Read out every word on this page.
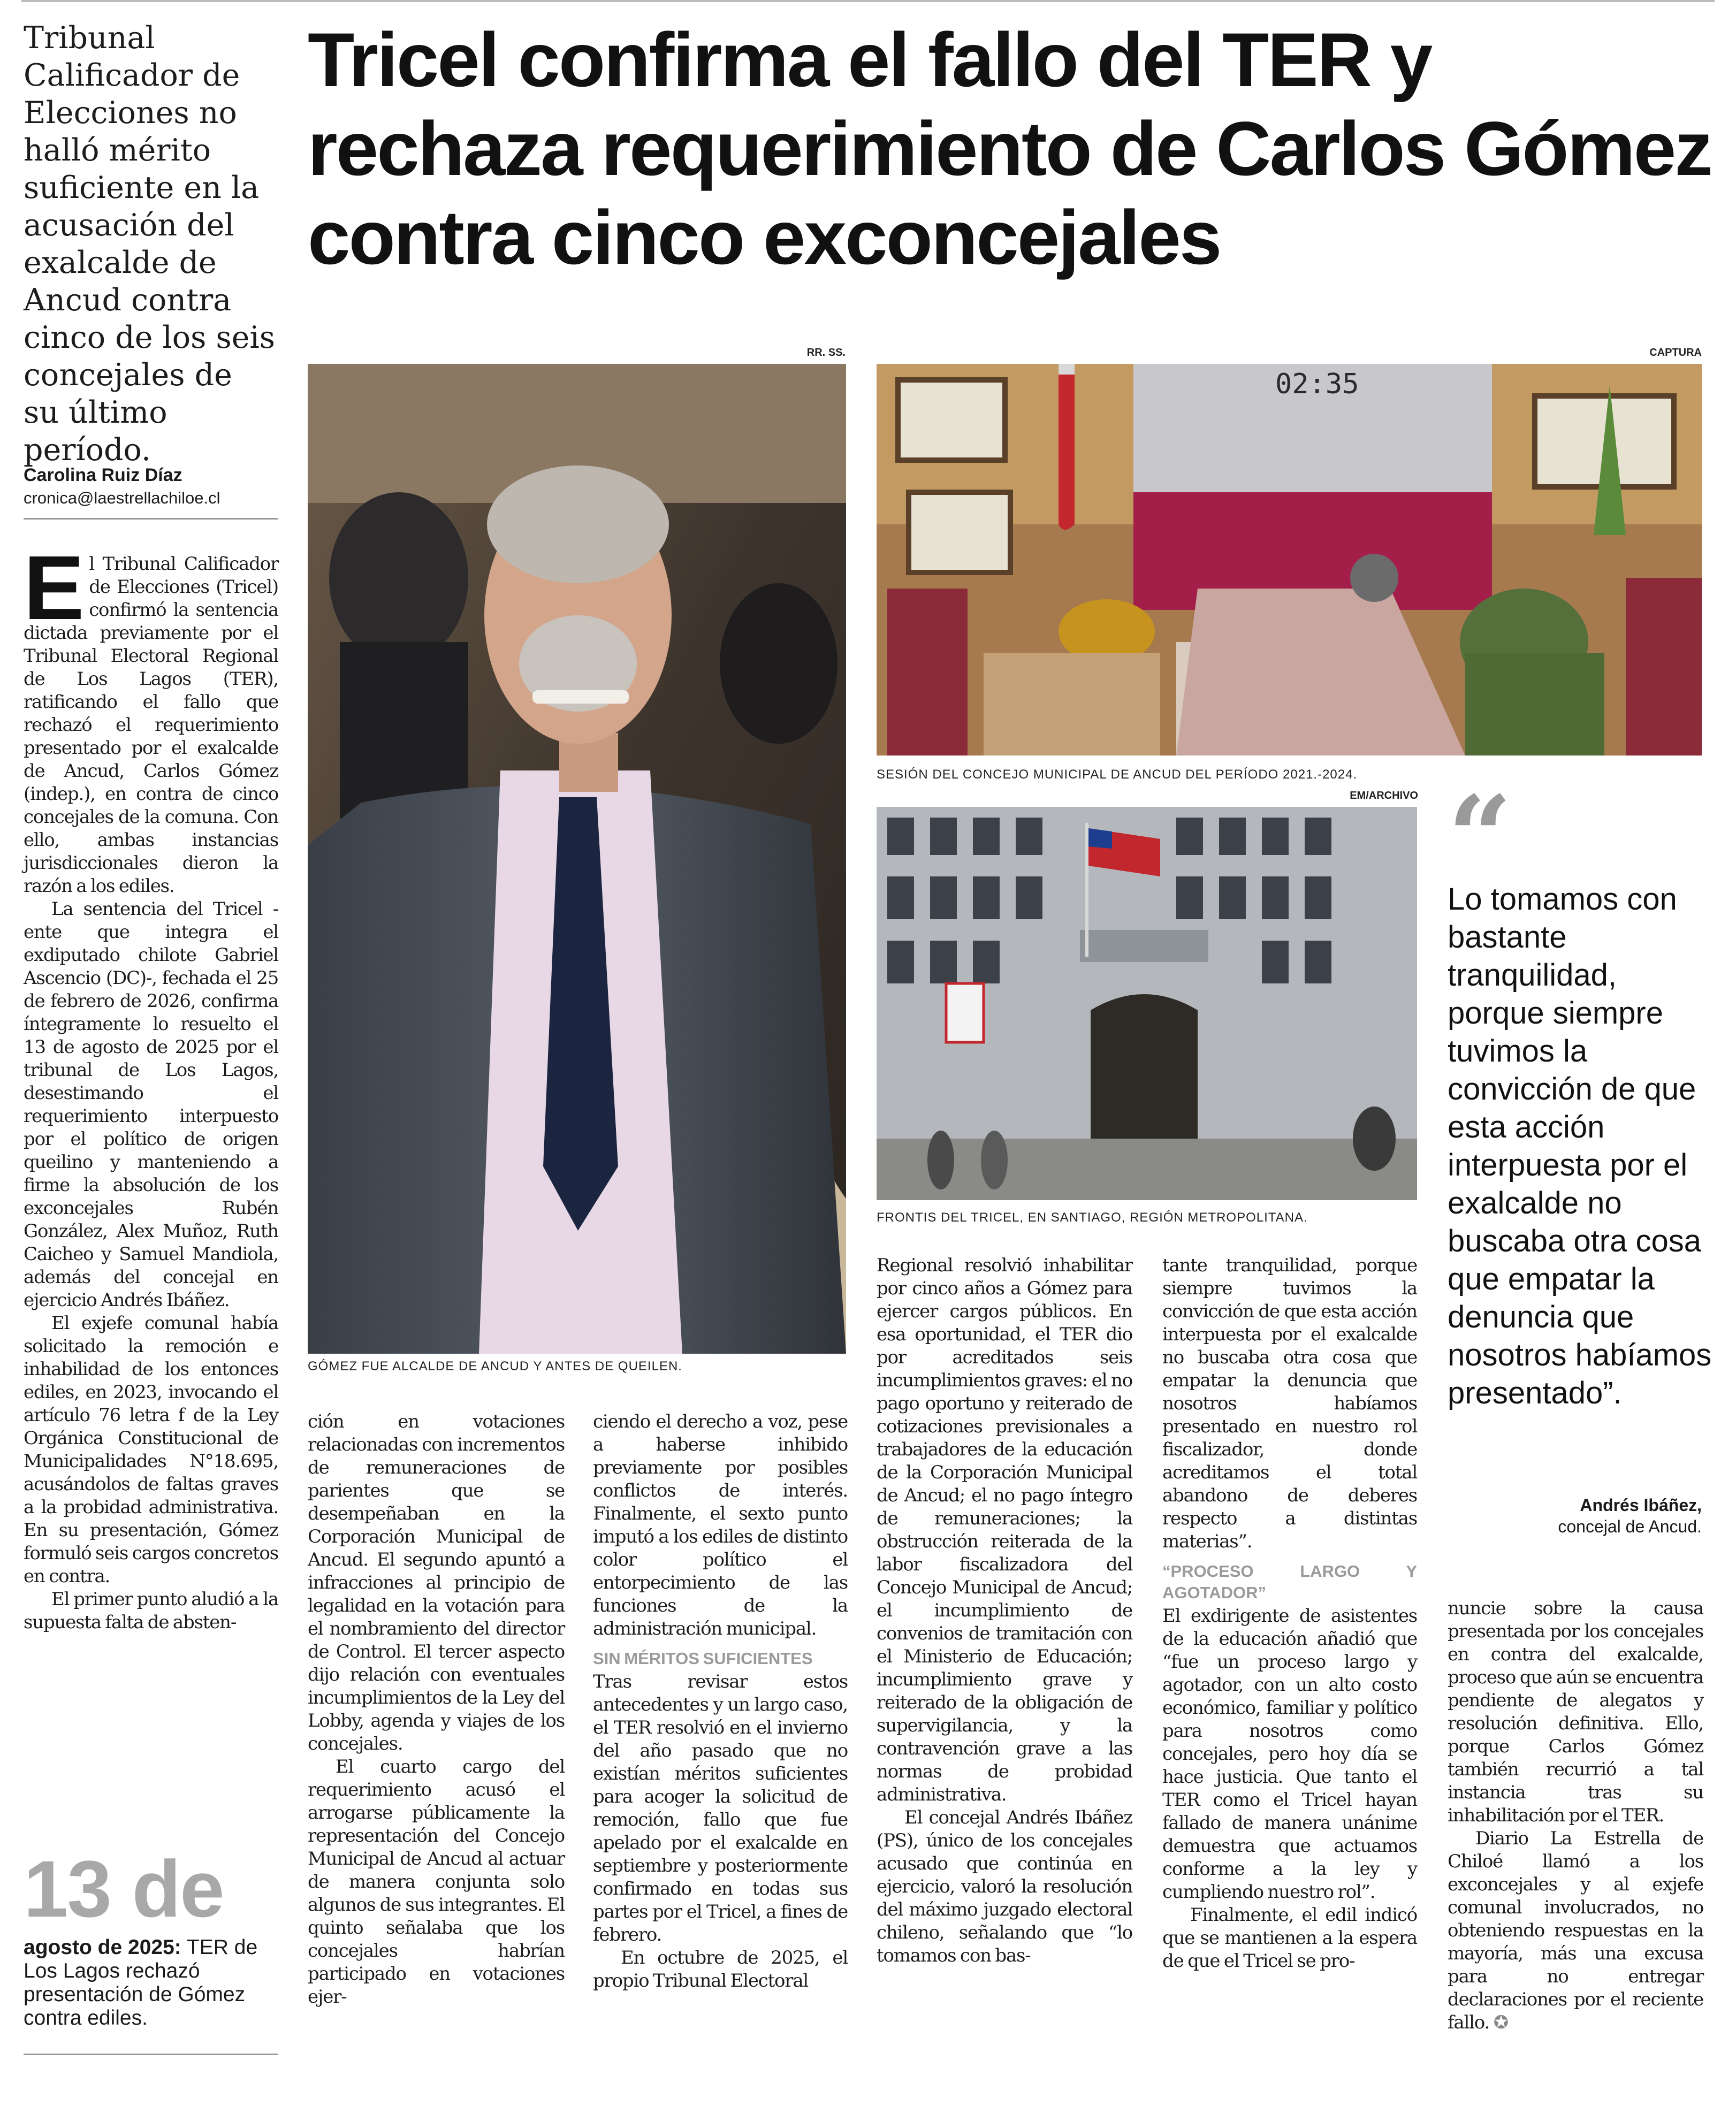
Tribunal Calificador de Elecciones no halló mérito suficiente en la acusación del exalcalde de Ancud contra cinco de los seis concejales de su último período.
Carolina Ruiz Díaz
cronica@laestrellachiloe.cl
Tricel confirma el fallo del TER y rechaza requerimiento de Carlos Gómez contra cinco exconcejales
RR. SS.
GÓMEZ FUE ALCALDE DE ANCUD Y ANTES DE QUEILEN.
CAPTURA
02:35
SESIÓN DEL CONCEJO MUNICIPAL DE ANCUD DEL PERÍODO 2021.-2024.
EM/ARCHIVO
FRONTIS DEL TRICEL, EN SANTIAGO, REGIÓN METROPOLITANA.
“
Lo tomamos con bastante tranquilidad, porque siempre tuvimos la convicción de que esta acción interpuesta por el exalcalde no buscaba otra cosa que empatar la denuncia que nosotros habíamos presentado”.
Andrés Ibáñez,
concejal de Ancud.

El Tribunal Calificador de Elecciones (Tricel) confirmó la sentencia dictada previamente por el Tribunal Electoral Regional de Los Lagos (TER), ratificando el fallo que rechazó el requerimiento presentado por el exalcalde de Ancud, Carlos Gómez (indep.), en contra de cinco concejales de la comuna. Con ello, ambas instancias jurisdiccionales dieron la razón a los ediles.

La sentencia del Tricel - ente que integra el exdiputado chilote Gabriel Ascencio (DC)-, fechada el 25 de febrero de 2026, confirma íntegramente lo resuelto el 13 de agosto de 2025 por el tribunal de Los Lagos, desestimando el requerimiento interpuesto por el político de origen queilino y manteniendo a firme la absolución de los exconcejales Rubén González, Alex Muñoz, Ruth Caicheo y Samuel Mandiola, además del concejal en ejercicio Andrés Ibáñez.

El exjefe comunal había solicitado la remoción e inhabilidad de los entonces ediles, en 2023, invocando el artículo 76 letra f de la Ley Orgánica Constitucional de Municipalidades N°18.695, acusándolos de faltas graves a la probidad administrativa. En su presentación, Gómez formuló seis cargos concretos en contra.

El primer punto aludió a la supuesta falta de absten-

13 de
agosto de 2025: TER de Los Lagos rechazó presentación de Gómez contra ediles.

ción en votaciones relacionadas con incrementos de remuneraciones de parientes que se desempeñaban en la Corporación Municipal de Ancud. El segundo apuntó a infracciones al principio de legalidad en la votación para el nombramiento del director de Control. El tercer aspecto dijo relación con eventuales incumplimientos de la Ley del Lobby, agenda y viajes de los concejales.

El cuarto cargo del requerimiento acusó el arrogarse públicamente la representación del Concejo Municipal de Ancud al actuar de manera conjunta solo algunos de sus integrantes. El quinto señalaba que los concejales habrían participado en votaciones ejer-

ciendo el derecho a voz, pese a haberse inhibido previamente por posibles conflictos de interés. Finalmente, el sexto punto imputó a los ediles de distinto color político el entorpecimiento de las funciones de la administración municipal.

SIN MÉRITOS SUFICIENTES

Tras revisar estos antecedentes y un largo caso, el TER resolvió en el invierno del año pasado que no existían méritos suficientes para acoger la solicitud de remoción, fallo que fue apelado por el exalcalde en septiembre y posteriormente confirmado en todas sus partes por el Tricel, a fines de febrero.

En octubre de 2025, el propio Tribunal Electoral

Regional resolvió inhabilitar por cinco años a Gómez para ejercer cargos públicos. En esa oportunidad, el TER dio por acreditados seis incumplimientos graves: el no pago oportuno y reiterado de cotizaciones previsionales a trabajadores de la educación de la Corporación Municipal de Ancud; el no pago íntegro de remuneraciones; la obstrucción reiterada de la labor fiscalizadora del Concejo Municipal de Ancud; el incumplimiento de convenios de tramitación con el Ministerio de Educación; incumplimiento grave y reiterado de la obligación de supervigilancia, y la contravención grave a las normas de probidad administrativa.

El concejal Andrés Ibáñez (PS), único de los concejales acusado que continúa en ejercicio, valoró la resolución del máximo juzgado electoral chileno, señalando que “lo tomamos con bas-

tante tranquilidad, porque siempre tuvimos la convicción de que esta acción interpuesta por el exalcalde no buscaba otra cosa que empatar la denuncia que nosotros habíamos presentado en nuestro rol fiscalizador, donde acreditamos el total abandono de deberes respecto a distintas materias”.

“PROCESO LARGO Y AGOTADOR”

El exdirigente de asistentes de la educación añadió que “fue un proceso largo y agotador, con un alto costo económico, familiar y político para nosotros como concejales, pero hoy día se hace justicia. Que tanto el TER como el Tricel hayan fallado de manera unánime demuestra que actuamos conforme a la ley y cumpliendo nuestro rol”.

Finalmente, el edil indicó que se mantienen a la espera de que el Tricel se pro-

nuncie sobre la causa presentada por los concejales en contra del exalcalde, proceso que aún se encuentra pendiente de alegatos y resolución definitiva. Ello, porque Carlos Gómez también recurrió a tal instancia tras su inhabilitación por el TER.

Diario La Estrella de Chiloé llamó a los exconcejales y al exjefe comunal involucrados, no obteniendo respuestas en la mayoría, más una excusa para no entregar declaraciones por el reciente fallo. ✪
